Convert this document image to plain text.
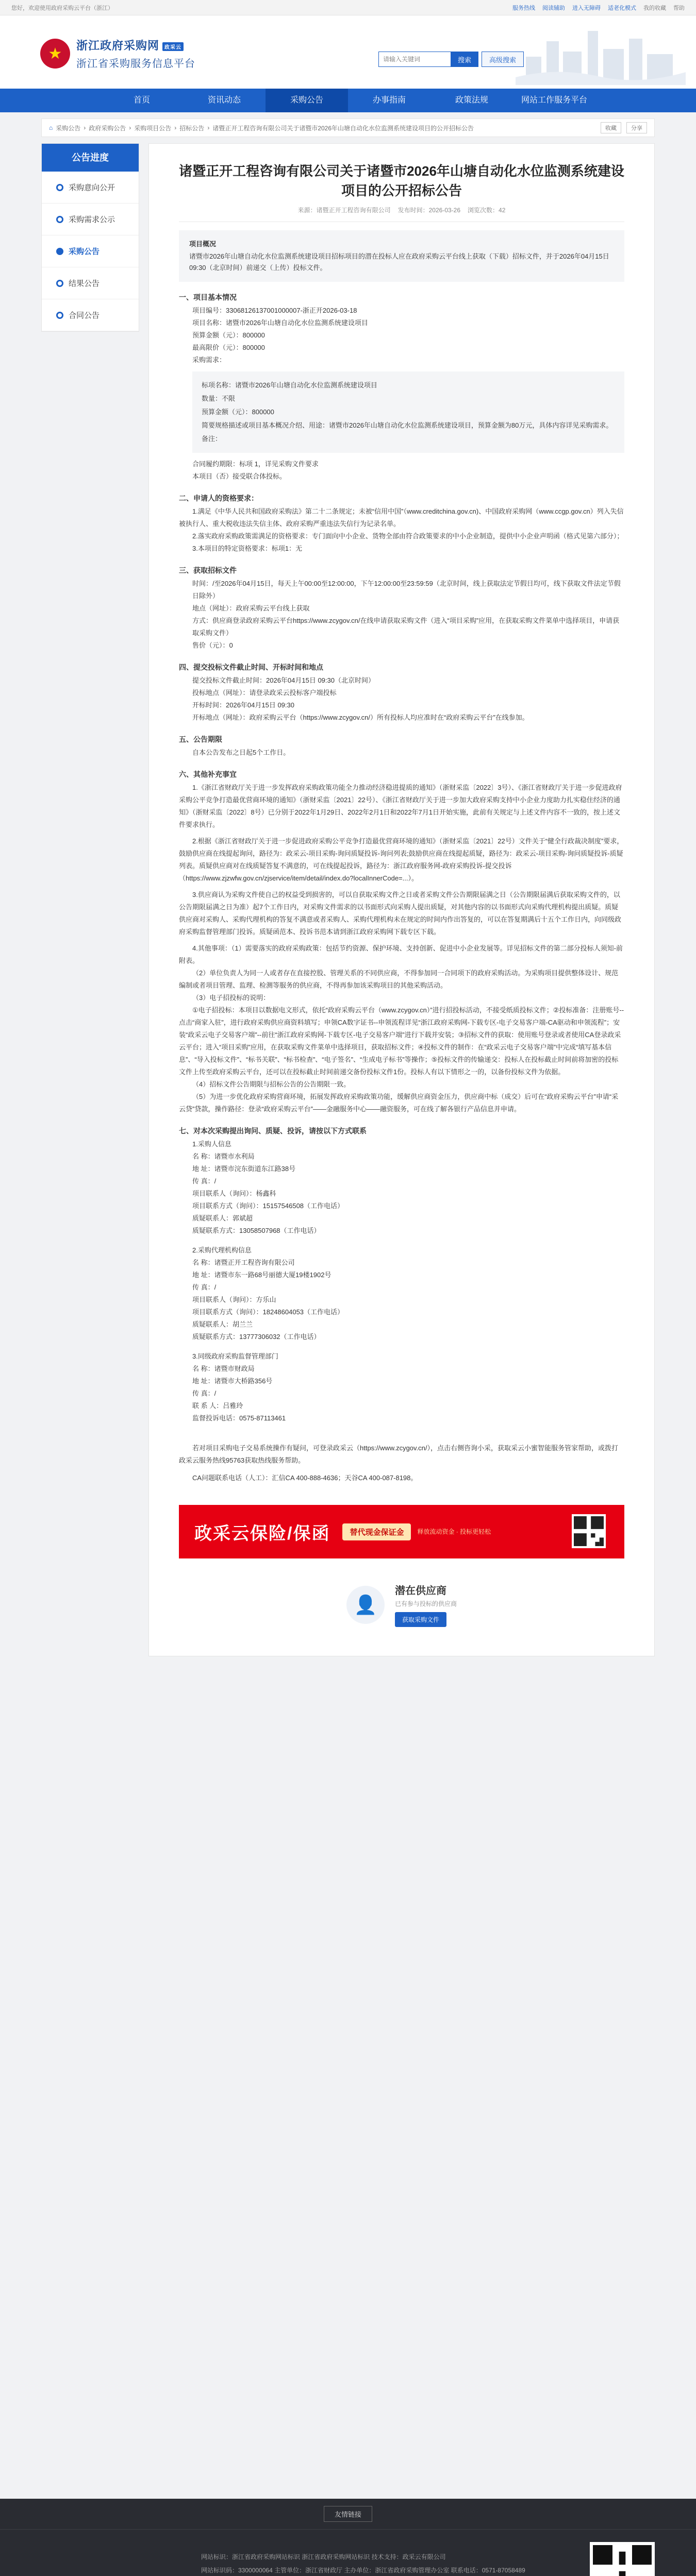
您好，欢迎使用政府采购云平台（浙江）	服务热线 阅读辅助 进入无障碍 适老化模式 我的收藏 帮助
★	浙江政府采购网 政采云
浙江省采购服务信息平台
请输入关键词	搜索	高级搜索
首页	资讯动态	采购公告	办事指南	政策法规	网站工作服务平台
⌂ 采购公告 › 政府采购公告 › 采购项目公告 › 招标公告 › 诸暨正开工程咨询有限公司关于诸暨市2026年山塘自动化水位监测系统建设项目的公开招标公告	收藏	分享
公告进度
采购意向公开
采购需求公示
采购公告
结果公告
合同公告
诸暨正开工程咨询有限公司关于诸暨市2026年山塘自动化水位监测系统建设项目的公开招标公告
来源：诸暨正开工程咨询有限公司 发布时间：2026-03-26 浏览次数：42
项目概况
诸暨市2026年山塘自动化水位监测系统建设项目招标项目的潜在投标人应在政府采购云平台线上获取（下载）招标文件，并于2026年04月15日 09:30（北京时间）前递交（上传）投标文件。
一、项目基本情况

项目编号：33068126137001000007-浙正开2026-03-18

项目名称：诸暨市2026年山塘自动化水位监测系统建设项目

预算金额（元）：800000

最高限价（元）：800000

采购需求：

标项名称：诸暨市2026年山塘自动化水位监测系统建设项目

数量：不限

预算金额（元）：800000

简要规格描述或项目基本概况介绍、用途：诸暨市2026年山塘自动化水位监测系统建设项目，预算金额为80万元，具体内容详见采购需求。

备注：

合同履约期限：标项 1，详见采购文件要求

本项目（否）接受联合体投标。

二、申请人的资格要求：

1.满足《中华人民共和国政府采购法》第二十二条规定；未被“信用中国”（www.creditchina.gov.cn)、中国政府采购网（www.ccgp.gov.cn）列入失信被执行人、重大税收违法失信主体、政府采购严重违法失信行为记录名单。

2.落实政府采购政策需满足的资格要求：专门面向中小企业、货物全部由符合政策要求的中小企业制造，提供中小企业声明函（格式见第六部分）；

3.本项目的特定资格要求：标项1：无

三、获取招标文件

时间：/至2026年04月15日，每天上午00:00至12:00:00，下午12:00:00至23:59:59（北京时间，线上获取法定节假日均可，线下获取文件法定节假日除外）

地点（网址）：政府采购云平台线上获取

方式：供应商登录政府采购云平台https://www.zcygov.cn/在线申请获取采购文件（进入“项目采购”应用，在获取采购文件菜单中选择项目，申请获取采购文件）

售价（元）：0

四、提交投标文件截止时间、开标时间和地点

提交投标文件截止时间：2026年04月15日 09:30（北京时间）

投标地点（网址）：请登录政采云投标客户端投标

开标时间：2026年04月15日 09:30

开标地点（网址）：政府采购云平台（https://www.zcygov.cn/）所有投标人均应准时在“政府采购云平台”在线参加。

五、公告期限

自本公告发布之日起5个工作日。

六、其他补充事宜

1.《浙江省财政厅关于进一步发挥政府采购政策功能全力推动经济稳进提质的通知》（浙财采监〔2022〕3号）、《浙江省财政厅关于进一步促进政府采购公平竞争打造最优营商环境的通知》（浙财采监〔2021〕22号）、《浙江省财政厅关于进一步加大政府采购支持中小企业力度助力扎实稳住经济的通知》（浙财采监〔2022〕8号）已分别于2022年1月29日、2022年2月1日和2022年7月1日开始实施，此前有关规定与上述文件内容不一致的，按上述文件要求执行。

2.根据《浙江省财政厅关于进一步促进政府采购公平竞争打造最优营商环境的通知》（浙财采监〔2021〕22号）文件关于“健全行政裁决制度”要求，鼓励供应商在线提起询问，路径为：政采云-项目采购-询问质疑投诉-询问列表;鼓励供应商在线提起质疑，路径为：政采云-项目采购-询问质疑投诉-质疑列表。质疑供应商对在线质疑答复不满意的，可在线提起投诉，路径为：浙江政府服务网-政府采购投诉-提交投诉（https://www.zjzwfw.gov.cn/zjservice/item/detail/index.do?localInnerCode=...）。

3.供应商认为采购文件使自己的权益受到损害的，可以自获取采购文件之日或者采购文件公告期限届满之日（公告期限届满后获取采购文件的，以公告期限届满之日为准）起7个工作日内，对采购文件需求的以书面形式向采购人提出质疑，对其他内容的以书面形式向采购代理机构提出质疑。质疑供应商对采购人、采购代理机构的答复不满意或者采购人、采购代理机构未在规定的时间内作出答复的，可以在答复期满后十五个工作日内，向同级政府采购监督管理部门投诉。质疑函范本、投诉书范本请到浙江政府采购网下载专区下载。

4.其他事项：（1）需要落实的政府采购政策：包括节约资源、保护环境、支持创新、促进中小企业发展等。详见招标文件的第二部分投标人须知-前附表。

（2）单位负责人为同一人或者存在直接控股、管理关系的不同供应商，不得参加同一合同项下的政府采购活动。为采购项目提供整体设计、规范编制或者项目管理、监理、检测等服务的供应商，不得再参加该采购项目的其他采购活动。

（3）电子招投标的说明：

①电子招投标：本项目以数据电文形式，依托“政府采购云平台（www.zcygov.cn）”进行招投标活动，不接受纸质投标文件；②投标准备：注册账号--点击“商家入驻”，进行政府采购供应商资料填写；申领CA数字证书--申领流程详见“浙江政府采购网-下载专区-电子交易客户端-CA驱动和申领流程”；安装“政采云电子交易客户端”--前往“浙江政府采购网-下载专区-电子交易客户端”进行下载并安装；③招标文件的获取：使用账号登录或者使用CA登录政采云平台；进入“项目采购”应用，在获取采购文件菜单中选择项目，获取招标文件；④投标文件的制作：在“政采云电子交易客户端”中完成“填写基本信息”、“导入投标文件”、“标书关联”、“标书检查”、“电子签名”、“生成电子标书”等操作；⑤投标文件的传输递交：投标人在投标截止时间前将加密的投标文件上传至政府采购云平台，还可以在投标截止时间前递交备份投标文件1份。投标人有以下情形之一的，以备份投标文件为依据。

（4）招标文件公告期限与招标公告的公告期限一致。

（5）为进一步优化政府采购营商环境，拓展发挥政府采购政策功能，缓解供应商资金压力，供应商中标（成交）后可在“政府采购云平台”申请“采云贷”贷款，操作路径：登录“政府采购云平台”——金融服务中心——融资服务，可在线了解各银行产品信息并申请。

七、对本次采购提出询问、质疑、投诉，请按以下方式联系

1.采购人信息

名 称：诸暨市水利局

地 址：诸暨市浣东街道东江路38号

传 真：/

项目联系人（询问）：杨鑫科

项目联系方式（询问）：15157546508（工作电话）

质疑联系人：郭斌超

质疑联系方式：13058507968（工作电话）

2.采购代理机构信息

名 称：诸暨正开工程咨询有限公司

地 址：诸暨市东一路68号丽德大厦19楼1902号

传 真：/

项目联系人（询问）：方乐山

项目联系方式（询问）：18248604053（工作电话）

质疑联系人：胡兰兰

质疑联系方式：13777306032（工作电话）

3.同级政府采购监督管理部门

名 称：诸暨市财政局

地 址：诸暨市大桥路356号

传 真：/

联 系 人：吕雅玲

监督投诉电话：0575-87113461

若对项目采购电子交易系统操作有疑问，可登录政采云（https://www.zcygov.cn/），点击右侧咨询小采，获取采云小蜜智能服务管家帮助，或拨打政采云服务热线95763获取热线服务帮助。

CA问题联系电话（人工）：汇信CA 400-888-4636；天谷CA 400-087-8198。

政采云保险/保函	替代现金保证金	释放流动资金 · 投标更轻松
👤
潜在供应商
已有参与投标的供应商
获取采购文件
友情链接
网站标识：浙江省政府采购网站标识 浙江省政府采购网站标识 技术支持：政采云有限公司
网站标识码：3300000064 主管单位：浙江省财政厅 主办单位：浙江省政府采购管理办公室 联系电话：0571-87058489
